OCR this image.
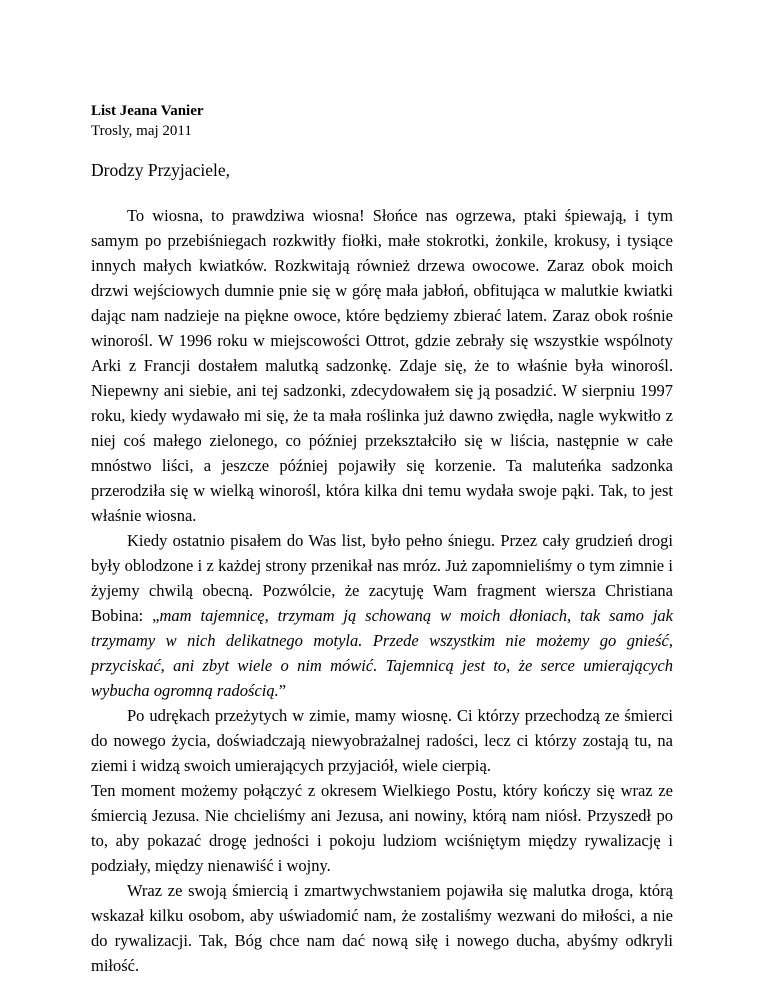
List Jeana Vanier
Trosly, maj 2011
Drodzy Przyjaciele,

To wiosna, to prawdziwa wiosna! Słońce nas ogrzewa, ptaki śpiewają, i tym samym po przebiśniegach rozkwitły fiołki, małe stokrotki, żonkile, krokusy, i tysiące innych małych kwiatków. Rozkwitają również drzewa owocowe. Zaraz obok moich drzwi wejściowych dumnie pnie się w górę mała jabłoń, obfitująca w malutkie kwiatki dając nam nadzieje na piękne owoce, które będziemy zbierać latem. Zaraz obok rośnie winorośl. W 1996 roku w miejscowości Ottrot, gdzie zebrały się wszystkie wspólnoty Arki z Francji dostałem malutką sadzonkę. Zdaje się, że to właśnie była winorośl. Niepewny ani siebie, ani tej sadzonki, zdecydowałem się ją posadzić. W sierpniu 1997 roku, kiedy wydawało mi się, że ta mała roślinka już dawno zwiędła, nagle wykwitło z niej coś małego zielonego, co później przekształciło się w liścia, następnie w całe mnóstwo liści, a jeszcze później pojawiły się korzenie. Ta maluteńka sadzonka przerodziła się w wielką winorośl, która kilka dni temu wydała swoje pąki. Tak, to jest właśnie wiosna.

Kiedy ostatnio pisałem do Was list, było pełno śniegu. Przez cały grudzień drogi były oblodzone i z każdej strony przenikał nas mróz. Już zapomnieliśmy o tym zimnie i żyjemy chwilą obecną. Pozwólcie, że zacytuję Wam fragment wiersza Christiana Bobina: „mam tajemnicę, trzymam ją schowaną w moich dłoniach, tak samo jak trzymamy w nich delikatnego motyla. Przede wszystkim nie możemy go gnieść, przyciskać, ani zbyt wiele o nim mówić. Tajemnicą jest to, że serce umierających wybucha ogromną radością.”

Po udrękach przeżytych w zimie, mamy wiosnę. Ci którzy przechodzą ze śmierci do nowego życia, doświadczają niewyobrażalnej radości, lecz ci którzy zostają tu, na ziemi i widzą swoich umierających przyjaciół, wiele cierpią.

Ten moment możemy połączyć z okresem Wielkiego Postu, który kończy się wraz ze śmiercią Jezusa. Nie chcieliśmy ani Jezusa, ani nowiny, którą nam niósł. Przyszedł po to, aby pokazać drogę jedności i pokoju ludziom wciśniętym między rywalizację i podziały, między nienawiść i wojny.

Wraz ze swoją śmiercią i zmartwychwstaniem pojawiła się malutka droga, którą wskazał kilku osobom, aby uświadomić nam, że zostaliśmy wezwani do miłości, a nie do rywalizacji. Tak, Bóg chce nam dać nową siłę i nowego ducha, abyśmy odkryli miłość.
